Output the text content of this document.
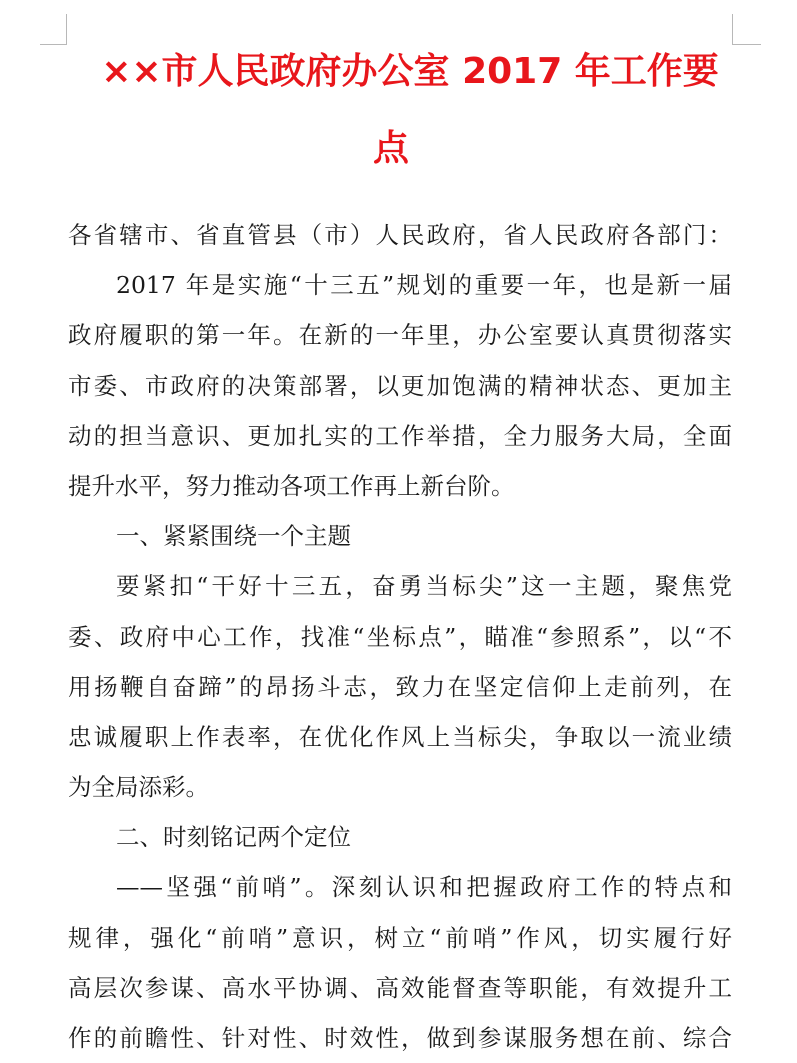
××市人民政府办公室 2017 年工作要
点
各省辖市、省直管县（市）人民政府，省人民政府各部门：
2017 年是实施“十三五”规划的重要一年，也是新一届
政府履职的第一年。在新的一年里，办公室要认真贯彻落实
市委、市政府的决策部署，以更加饱满的精神状态、更加主
动的担当意识、更加扎实的工作举措，全力服务大局，全面
提升水平，努力推动各项工作再上新台阶。
一、紧紧围绕一个主题
要紧扣“干好十三五，奋勇当标尖”这一主题，聚焦党
委、政府中心工作，找准“坐标点”，瞄准“参照系”，以“不
用扬鞭自奋蹄”的昂扬斗志，致力在坚定信仰上走前列，在
忠诚履职上作表率，在优化作风上当标尖，争取以一流业绩
为全局添彩。
二、时刻铭记两个定位
——坚强“前哨”。深刻认识和把握政府工作的特点和
规律，强化“前哨”意识，树立“前哨”作风，切实履行好
高层次参谋、高水平协调、高效能督查等职能，有效提升工
作的前瞻性、针对性、时效性，做到参谋服务想在前、综合
